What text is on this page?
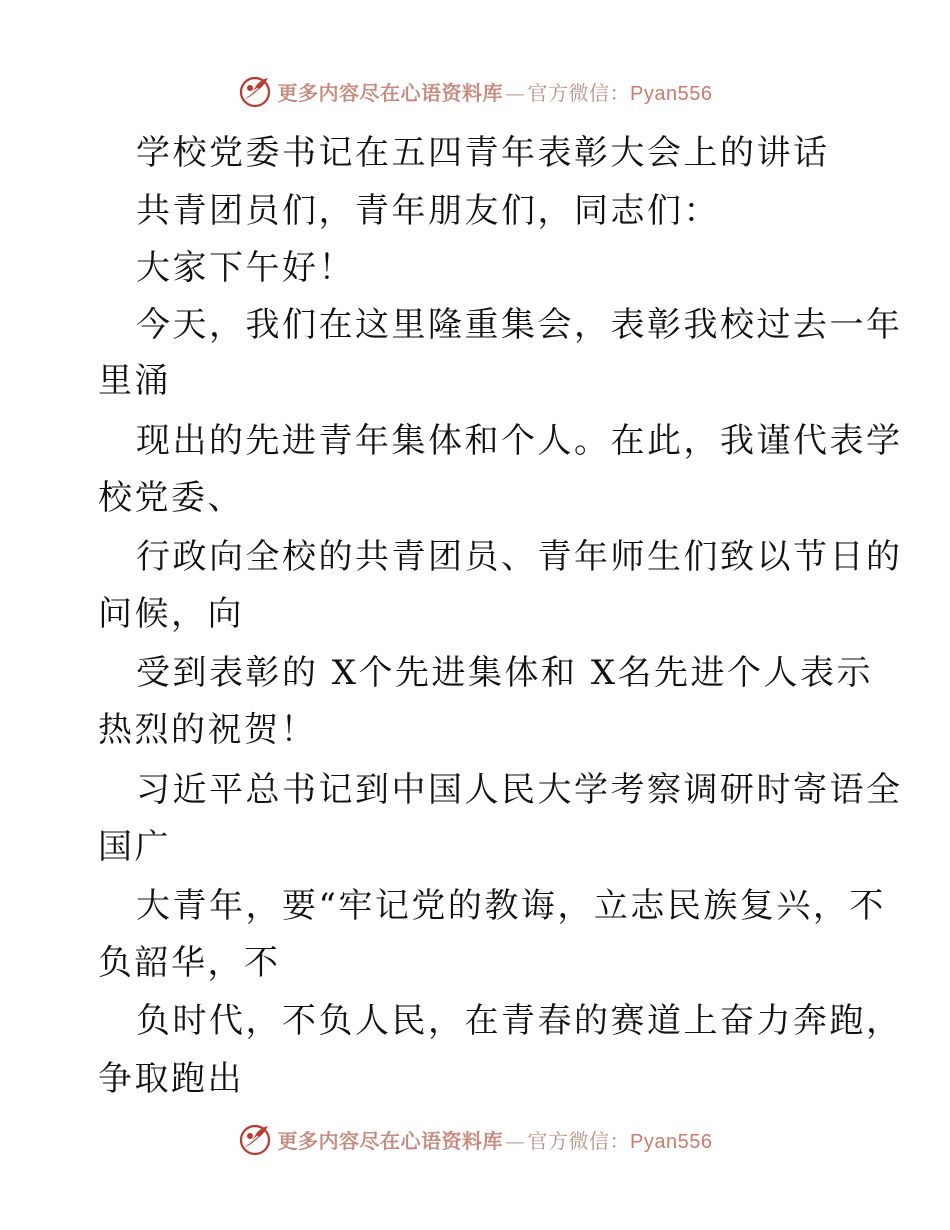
更多内容尽在心语资料库 — 官方微信：Pyan556
学校党委书记在五四青年表彰大会上的讲话
共青团员们，青年朋友们，同志们：
大家下午好！
今天，我们在这里隆重集会，表彰我校过去一年
里涌
现出的先进青年集体和个人。在此，我谨代表学
校党委、
行政向全校的共青团员、青年师生们致以节日的
问候，向
受到表彰的 X个先进集体和 X名先进个人表示
热烈的祝贺！
习近平总书记到中国人民大学考察调研时寄语全
国广
大青年，要“牢记党的教诲，立志民族复兴，不
负韶华，不
负时代，不负人民，在青春的赛道上奋力奔跑，
争取跑出
更多内容尽在心语资料库 — 官方微信：Pyan556
